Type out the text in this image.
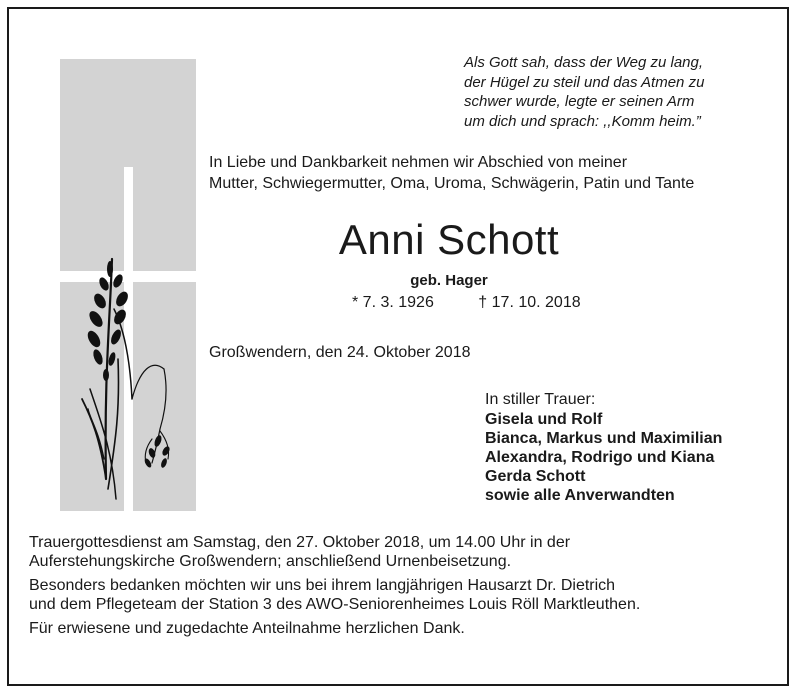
Als Gott sah, dass der Weg zu lang,
der Hügel zu steil und das Atmen zu
schwer wurde, legte er seinen Arm
um dich und sprach: ,,Komm heim.”
In Liebe und Dankbarkeit nehmen wir Abschied von meiner
Mutter, Schwiegermutter, Oma, Uroma, Schwägerin, Patin und Tante
Anni Schott
geb. Hager
* 7. 3. 1926	† 17. 10. 2018
Großwendern, den 24. Oktober 2018
In stiller Trauer:
Gisela und Rolf
Bianca, Markus und Maximilian
Alexandra, Rodrigo und Kiana
Gerda Schott
sowie alle Anverwandten

Trauergottesdienst am Samstag, den 27. Oktober 2018, um 14.00 Uhr in der
Auferstehungskirche Großwendern; anschließend Urnenbeisetzung.

Besonders bedanken möchten wir uns bei ihrem langjährigen Hausarzt Dr. Dietrich
und dem Pflegeteam der Station 3 des AWO-Seniorenheimes Louis Röll Marktleuthen.

Für erwiesene und zugedachte Anteilnahme herzlichen Dank.
